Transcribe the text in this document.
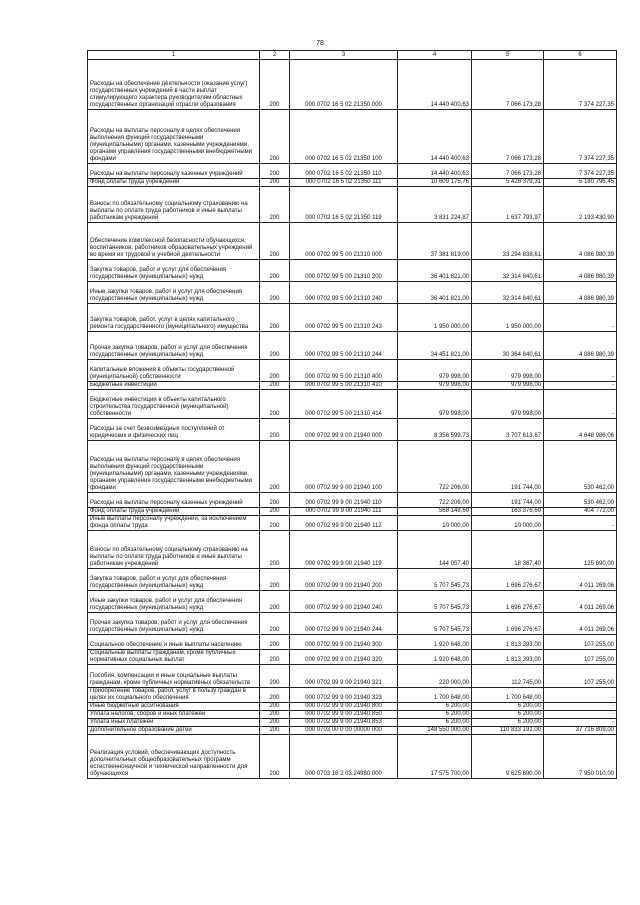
78
1	2	3	4	5	6
Расходы на обеспечение деятельности (оказание услуг) государственных учреждений в части выплат стимулирующего характера руководителям областных государственных организаций отрасли образования	200	000 0702 16 5 02 21350 000	14 440 400,63	7 066 173,28	7 374 227,35
Расходы на выплаты персоналу в целях обеспечения выполнения функций государственными (муниципальными) органами, казенными учреждениями, органами управления государственными внебюджетными фондами	200	000 0702 16 5 02 21350 100	14 440 400,63	7 066 173,28	7 374 227,35
Расходы на выплаты персоналу казенных учреждений	200	000 0702 16 5 02 21350 110	14 440 400,63	7 066 173,28	7 374 227,35
Фонд оплаты труда учреждений	200	000 0702 16 5 02 21350 111	10 609 175,76	5 428 379,31	5 180 796,45
Взносы по обязательному социальному страхованию на выплаты по оплате труда работников и иные выплаты работникам учреждений	200	000 0702 16 5 02 21350 119	3 831 224,87	1 637 793,97	2 193 430,90
Обеспечение комплексной безопасности обучающихся, воспитанников, работников образовательных учреждений во время их трудовой и учебной деятельности	200	000 0702 99 5 00 21310 000	37 381 819,00	33 294 838,61	4 086 980,39
Закупка товаров, работ и услуг для обеспечения государственных (муниципальных) нужд	200	000 0702 99 5 00 21310 200	36 401 821,00	32 314 840,61	4 086 980,39
Иные закупки товаров, работ и услуг для обеспечения государственных (муниципальных) нужд	200	000 0702 99 5 00 21310 240	36 401 821,00	32 314 840,61	4 086 980,39
Закупка товаров, работ, услуг в целях капитального ремонта государственного (муниципального) имущества	200	000 0702 99 5 00 21310 243	1 950 000,00	1 950 000,00	-
Прочая закупка товаров, работ и услуг для обеспечения государственных (муниципальных) нужд	200	000 0702 99 5 00 21310 244	34 451 821,00	30 364 840,61	4 086 980,39
Капитальные вложения в объекты государственной (муниципальной) собственности	200	000 0702 99 5 00 21310 400	979 998,00	979 998,00	-
Бюджетные инвестиции	200	000 0702 99 5 00 21310 410	979 998,00	979 998,00	-
Бюджетные инвестиции в объекты капитального строительства государственной (муниципальной) собственности	200	000 0702 99 5 00 21310 414	979 998,00	979 998,00	-
Расходы за счет безвозмездных поступлений от юридических и физических лиц	200	000 0702 99 9 00 21940 000	8 356 599,73	3 707 613,67	4 648 986,06
Расходы на выплаты персоналу в целях обеспечения выполнения функций государственными (муниципальными) органами, казенными учреждениями, органами управления государственными внебюджетными фондами	200	000 0702 99 9 00 21940 100	722 206,00	191 744,00	530 462,00
Расходы на выплаты персоналу казенных учреждений	200	000 0702 99 9 00 21940 110	722 206,00	191 744,00	530 462,00
Фонд оплаты труда учреждений	200	000 0702 99 9 00 21940 111	568 148,60	163 376,60	404 772,00
Иные выплаты персоналу учреждений, за исключением фонда оплаты труда	200	000 0702 99 9 00 21940 112	10 000,00	10 000,00	-
Взносы по обязательному социальному страхованию на выплаты по оплате труда работников и иные выплаты работникам учреждений	200	000 0702 99 9 00 21940 119	144 057,40	18 367,40	125 690,00
Закупка товаров, работ и услуг для обеспечения государственных (муниципальных) нужд	200	000 0702 99 9 00 21940 200	5 707 545,73	1 696 276,67	4 011 269,06
Иные закупки товаров, работ и услуг для обеспечения государственных (муниципальных) нужд	200	000 0702 99 9 00 21940 240	5 707 545,73	1 696 276,67	4 011 269,06
Прочая закупка товаров, работ и услуг для обеспечения государственных (муниципальных) нужд	200	000 0702 99 9 00 21940 244	5 707 545,73	1 696 276,67	4 011 269,06
Социальное обеспечение и иные выплаты населению	200	000 0702 99 9 00 21940 300	1 920 648,00	1 813 393,00	107 255,00
Социальные выплаты гражданам, кроме публичных нормативных социальных выплат	200	000 0702 99 9 00 21940 320	1 920 648,00	1 813 393,00	107 255,00
Пособия, компенсации и иные социальные выплаты гражданам, кроме публичных нормативных обязательств	200	000 0702 99 9 00 21940 321	220 000,00	112 745,00	107 255,00
Приобретение товаров, работ, услуг в пользу граждан в целях их социального обеспечения	200	000 0702 99 9 00 21940 323	1 700 648,00	1 700 648,00	-
Иные бюджетные ассигнования	200	000 0702 99 9 00 21940 800	6 200,00	6 200,00	-
Уплата налогов, сборов и иных платежей	200	000 0702 99 9 00 21940 850	6 200,00	6 200,00	-
Уплата иных платежей	200	000 0702 99 9 00 21940 853	6 200,00	6 200,00	-
Дополнительное образование детей	200	000 0703 00 0 00 00000 000	148 550 000,00	110 833 191,00	37 716 809,00
Реализация условий, обеспечивающих доступность дополнительных общеобразовательных программ естественнонаучной и технической направленности для обучающихся	200	000 0703 16 2 03 24980 000	17 575 700,00	9 625 690,00	7 950 010,00
